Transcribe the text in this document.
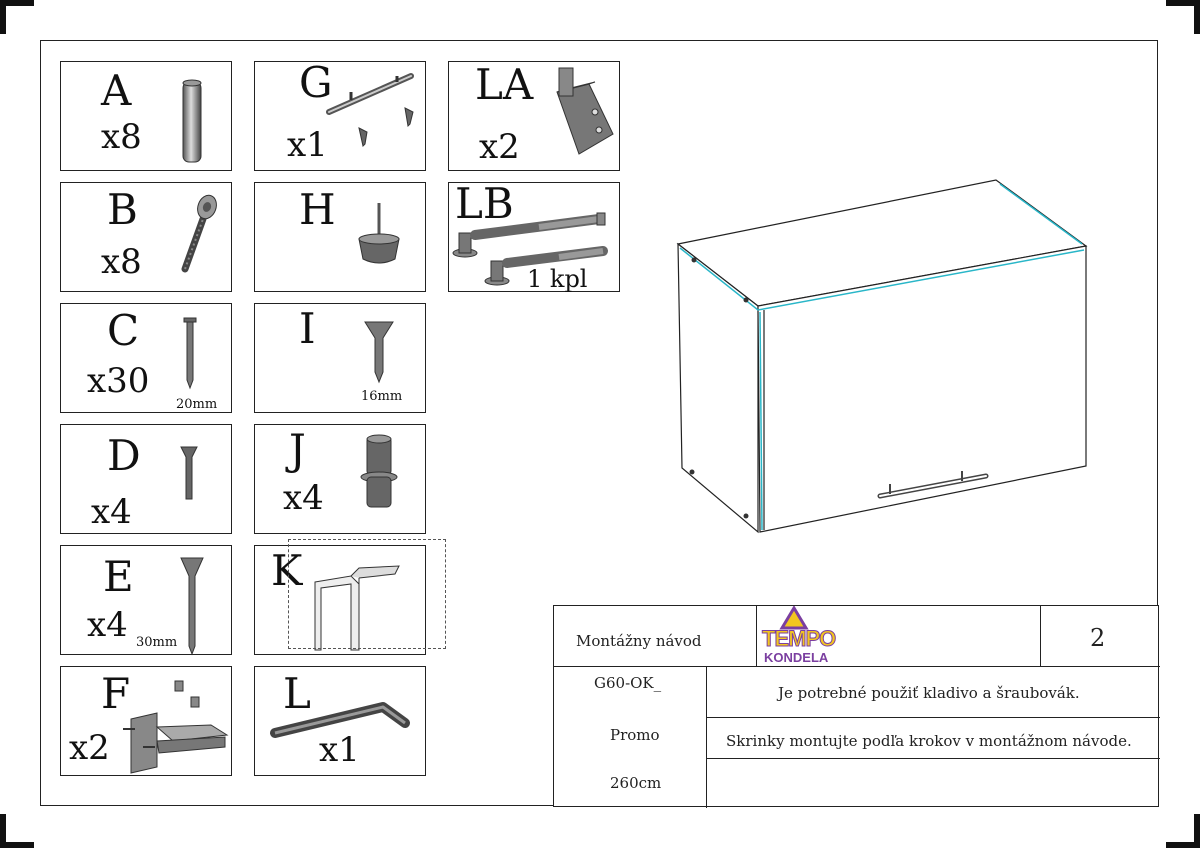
A
x8
B
x8
C
x30
20mm
D
x4
E
x4 30mm
F
x2
G
x1
H
I
16mm
J
x4
K
L
x1
LA
x2
LB
1 kpl
Montážny návod	TEMPO
KONDELA
2
G60-OK_
Promo
260cm
Je potrebné použiť kladivo a šraubovák.
Skrinky montujte podľa krokov v montážnom návode.
